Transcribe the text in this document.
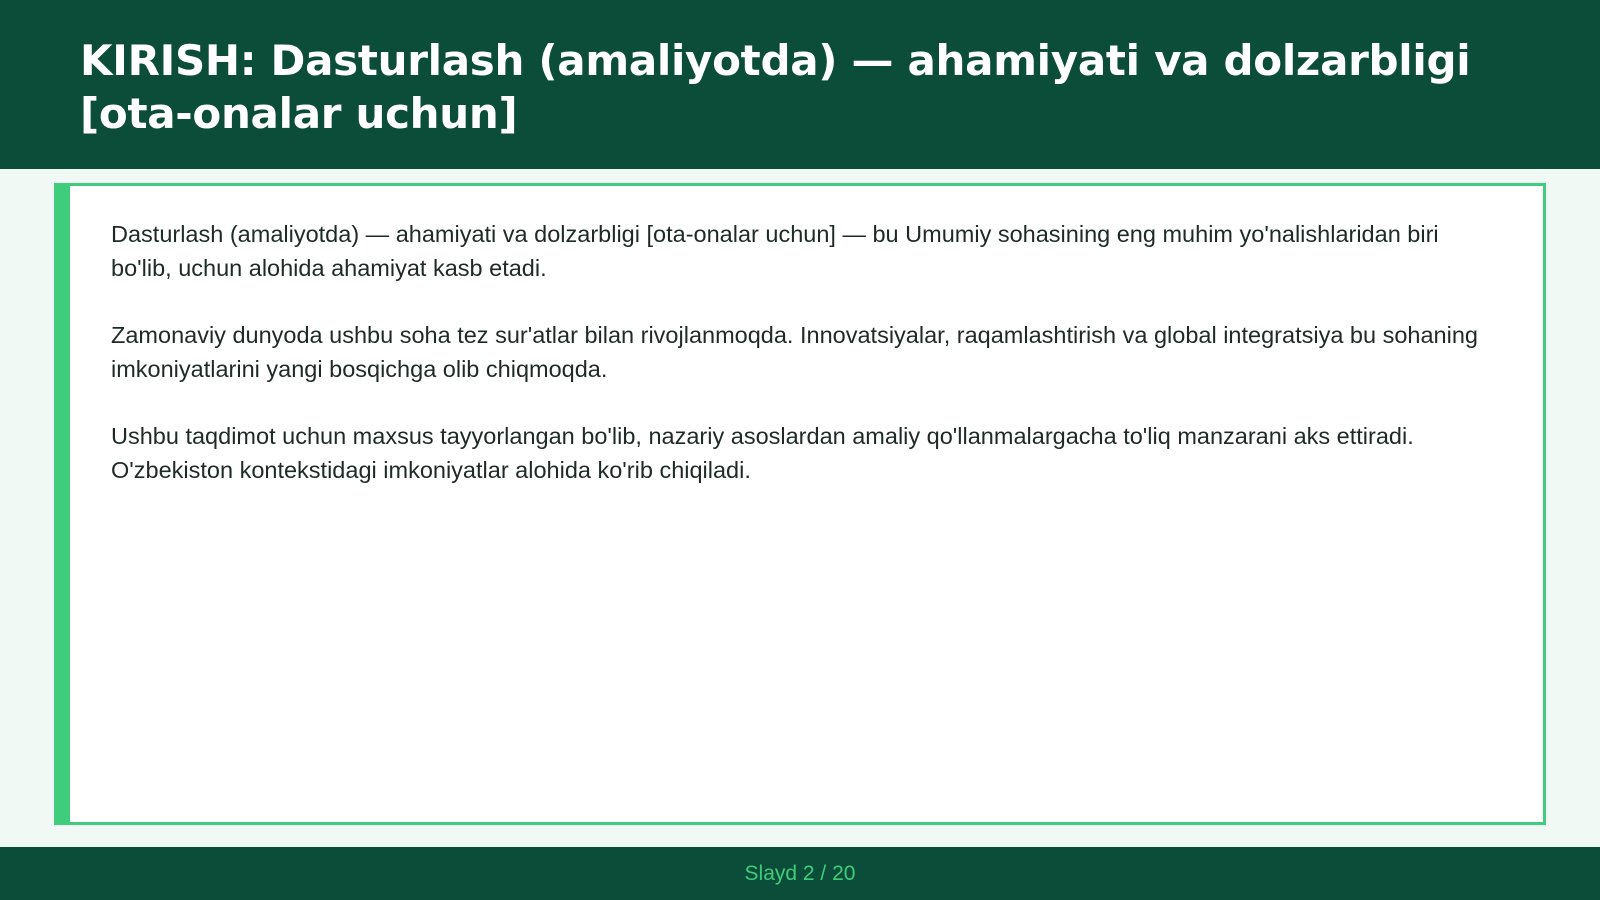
KIRISH: Dasturlash (amaliyotda) — ahamiyati va dolzarbligi [ota-onalar uchun]

Dasturlash (amaliyotda) — ahamiyati va dolzarbligi [ota-onalar uchun] — bu Umumiy sohasining eng muhim yo'nalishlaridan biri bo'lib, uchun alohida ahamiyat kasb etadi.

Zamonaviy dunyoda ushbu soha tez sur'atlar bilan rivojlanmoqda. Innovatsiyalar, raqamlashtirish va global integratsiya bu sohaning imkoniyatlarini yangi bosqichga olib chiqmoqda.

Ushbu taqdimot uchun maxsus tayyorlangan bo'lib, nazariy asoslardan amaliy qo'llanmalargacha to'liq manzarani aks ettiradi. O'zbekiston kontekstidagi imkoniyatlar alohida ko'rib chiqiladi.

Slayd 2 / 20
